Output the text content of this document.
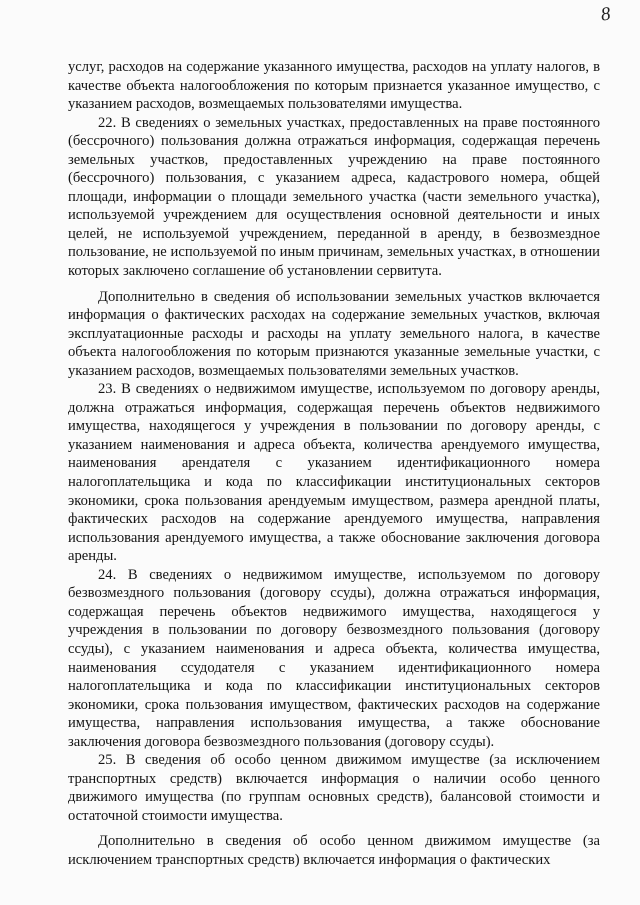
8

услуг, расходов на содержание указанного имущества, расходов на уплату налогов, в качестве объекта налогообложения по которым признается указанное имущество, с указанием расходов, возмещаемых пользователями имущества.

22. В сведениях о земельных участках, предоставленных на праве постоянного (бессрочного) пользования должна отражаться информация, содержащая перечень земельных участков, предоставленных учреждению на праве постоянного (бессрочного) пользования, с указанием адреса, кадастрового номера, общей площади, информации о площади земельного участка (части земельного участка), используемой учреждением для осуществления основной деятельности и иных целей, не используемой учреждением, переданной в аренду, в безвозмездное пользование, не используемой по иным причинам, земельных участках, в отношении которых заключено соглашение об установлении сервитута.

Дополнительно в сведения об использовании земельных участков включается информация о фактических расходах на содержание земельных участков, включая эксплуатационные расходы и расходы на уплату земельного налога, в качестве объекта налогообложения по которым признаются указанные земельные участки, с указанием расходов, возмещаемых пользователями земельных участков.

23. В сведениях о недвижимом имуществе, используемом по договору аренды, должна отражаться информация, содержащая перечень объектов недвижимого имущества, находящегося у учреждения в пользовании по договору аренды, с указанием наименования и адреса объекта, количества арендуемого имущества, наименования арендателя с указанием идентификационного номера налогоплательщика и кода по классификации институциональных секторов экономики, срока пользования арендуемым имуществом, размера арендной платы, фактических расходов на содержание арендуемого имущества, направления использования арендуемого имущества, а также обоснование заключения договора аренды.

24. В сведениях о недвижимом имуществе, используемом по договору безвозмездного пользования (договору ссуды), должна отражаться информация, содержащая перечень объектов недвижимого имущества, находящегося у учреждения в пользовании по договору безвозмездного пользования (договору ссуды), с указанием наименования и адреса объекта, количества имущества, наименования ссудодателя с указанием идентификационного номера налогоплательщика и кода по классификации институциональных секторов экономики, срока пользования имуществом, фактических расходов на содержание имущества, направления использования имущества, а также обоснование заключения договора безвозмездного пользования (договору ссуды).

25. В сведения об особо ценном движимом имуществе (за исключением транспортных средств) включается информация о наличии особо ценного движимого имущества (по группам основных средств), балансовой стоимости и остаточной стоимости имущества.

Дополнительно в сведения об особо ценном движимом имуществе (за исключением транспортных средств) включается информация о фактических
